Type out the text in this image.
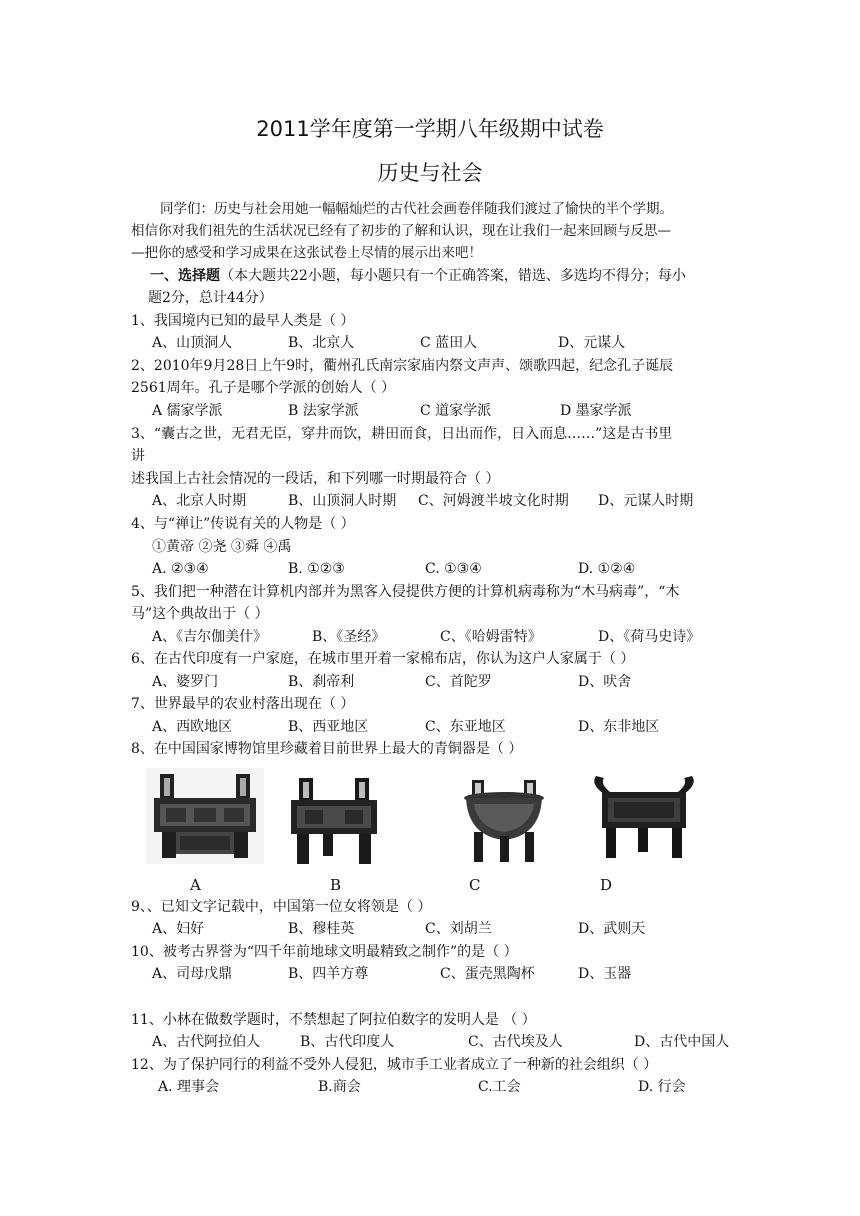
2011学年度第一学期八年级期中试卷
历史与社会
同学们：历史与社会用她一幅幅灿烂的古代社会画卷伴随我们渡过了愉快的半个学期。
相信你对我们祖先的生活状况已经有了初步的了解和认识，现在让我们一起来回顾与反思—
—把你的感受和学习成果在这张试卷上尽情的展示出来吧！
一、选择题（本大题共22小题，每小题只有一个正确答案，错选、多选均不得分；每小
题2分，总计44分）
1、我国境内已知的最早人类是（ ）
A、山顶洞人	B、北京人	C 蓝田人	D、元谋人
2、2010年9月28日上午9时，衢州孔氏南宗家庙内祭文声声、颂歌四起，纪念孔子诞辰
2561周年。孔子是哪个学派的创始人（ ）
A 儒家学派	B 法家学派	C 道家学派	D 墨家学派
3、“囊古之世，无君无臣，穿井而饮，耕田而食，日出而作，日入而息……”这是古书里
讲
述我国上古社会情况的一段话，和下列哪一时期最符合（ ）
A、北京人时期	B、山顶洞人时期 C、河姆渡半坡文化时期 D、元谋人时期
4、与“禅让”传说有关的人物是（ ）
①黄帝 ②尧 ③舜 ④禹
A. ②③④	B. ①②③	C. ①③④	D. ①②④
5、我们把一种潜在计算机内部并为黑客入侵提供方便的计算机病毒称为“木马病毒”，“木
马”这个典故出于（ ）
A、《吉尔伽美什》	B、《圣经》	C、《哈姆雷特》	D、《荷马史诗》
6、在古代印度有一户家庭，在城市里开着一家棉布店，你认为这户人家属于（ ）
A、婆罗门	B、刹帝利	C、首陀罗	D、吠舍
7、世界最早的农业村落出现在（ ）
A、西欧地区	B、西亚地区	C、东亚地区	D、东非地区
8、在中国国家博物馆里珍藏着目前世界上最大的青铜器是（ ）
A	B	C	D
9、、已知文字记载中，中国第一位女将领是（ ）
A、妇好	B、穆桂英	C、刘胡兰	D、武则天
10、被考古界誉为“四千年前地球文明最精致之制作”的是（ ）
A、司母戊鼎	B、四羊方尊	C、蛋壳黑陶杯	D、玉器
11、小林在做数学题时，不禁想起了阿拉伯数字的发明人是 （ ）
A、古代阿拉伯人	B、古代印度人	C、古代埃及人	D、古代中国人
12、为了保护同行的利益不受外人侵犯，城市手工业者成立了一种新的社会组织（ ）
A. 理事会	B.商会	C.工会	D. 行会
